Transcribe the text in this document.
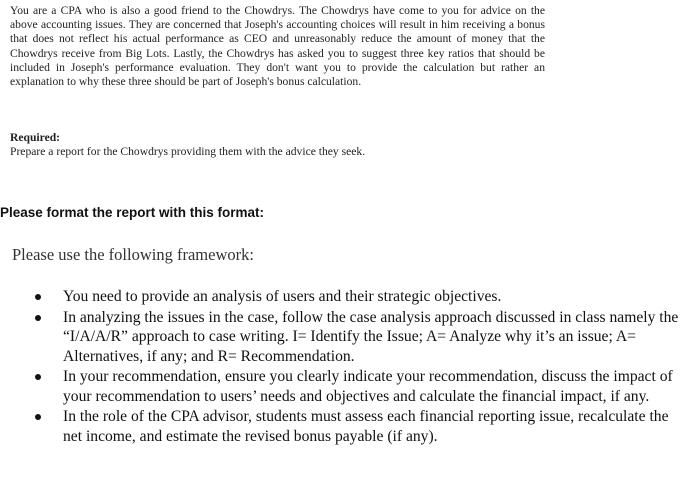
You are a CPA who is also a good friend to the Chowdrys. The Chowdrys have come to you for advice on the above accounting issues. They are concerned that Joseph's accounting choices will result in him receiving a bonus that does not reflect his actual performance as CEO and unreasonably reduce the amount of money that the Chowdrys receive from Big Lots. Lastly, the Chowdrys has asked you to suggest three key ratios that should be included in Joseph's performance evaluation. They don't want you to provide the calculation but rather an explanation to why these three should be part of Joseph's bonus calculation.

Required:
Prepare a report for the Chowdrys providing them with the advice they seek.
Please format the report with this format:

Please use the following framework:

You need to provide an analysis of users and their strategic objectives.
In analyzing the issues in the case, follow the case analysis approach discussed in class namely the “I/A/A/R” approach to case writing. I= Identify the Issue; A= Analyze why it’s an issue; A= Alternatives, if any; and R= Recommendation.
In your recommendation, ensure you clearly indicate your recommendation, discuss the impact of your recommendation to users’ needs and objectives and calculate the financial impact, if any.
In the role of the CPA advisor, students must assess each financial reporting issue, recalculate the net income, and estimate the revised bonus payable (if any).
